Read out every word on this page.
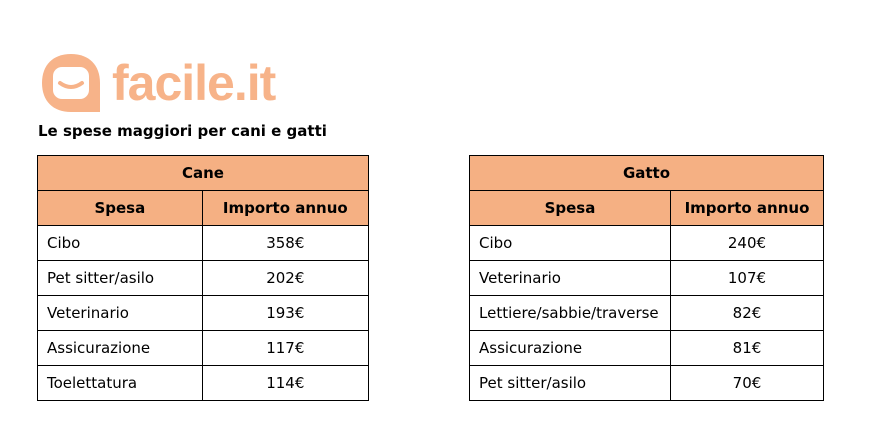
facile.it
Le spese maggiori per cani e gatti
Cane	
Spesa	Importo annuo
Cibo	358€
Pet sitter/asilo	202€
Veterinario	193€
Assicurazione	117€
Toelettatura	114€
Gatto	
Spesa	Importo annuo
Cibo	240€
Veterinario	107€
Lettiere/sabbie/traverse	82€
Assicurazione	81€
Pet sitter/asilo	70€
